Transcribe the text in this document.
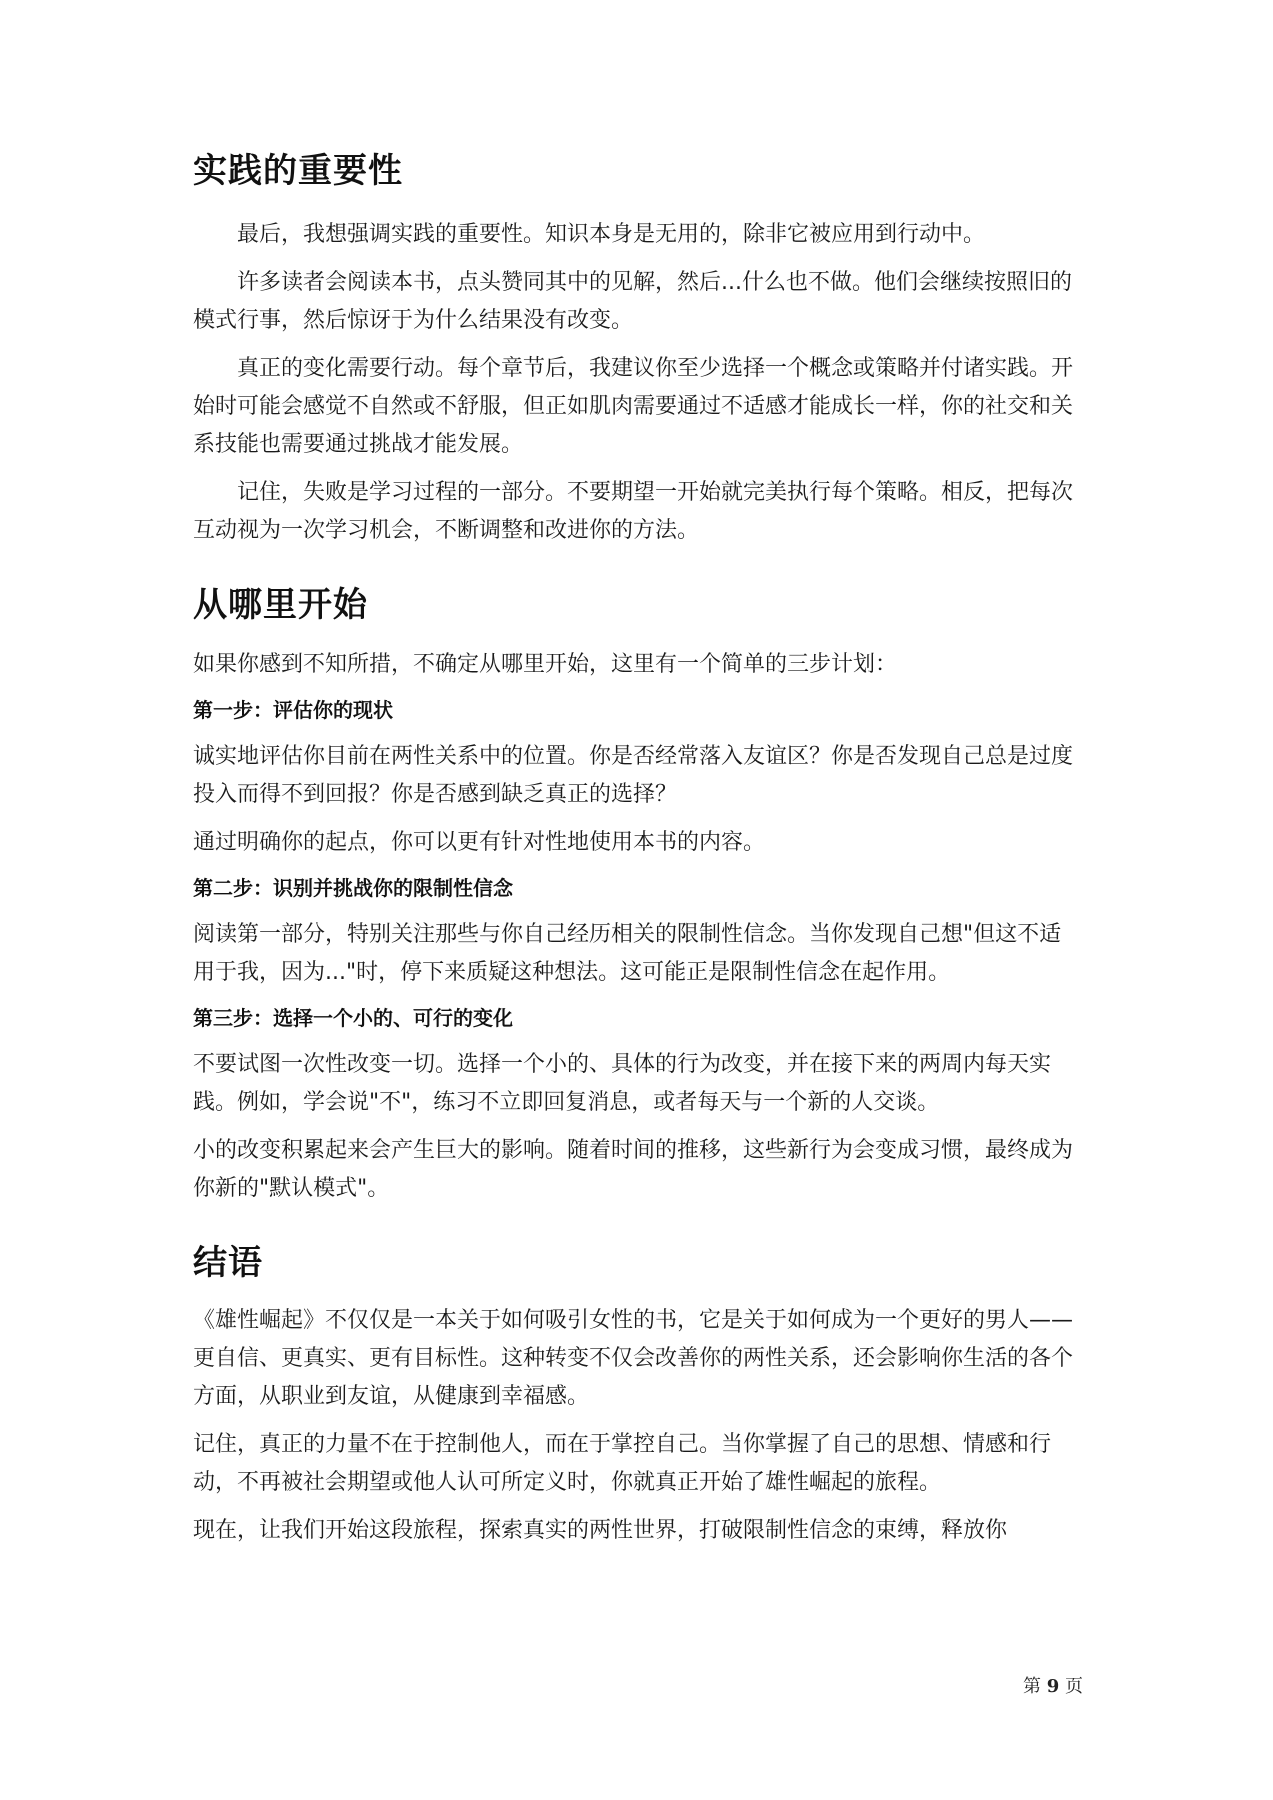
实践的重要性

最后，我想强调实践的重要性。知识本身是无用的，除非它被应用到行动中。

许多读者会阅读本书，点头赞同其中的见解，然后...什么也不做。他们会继续按照旧的模式行事，然后惊讶于为什么结果没有改变。

真正的变化需要行动。每个章节后，我建议你至少选择一个概念或策略并付诸实践。开始时可能会感觉不自然或不舒服，但正如肌肉需要通过不适感才能成长一样，你的社交和关系技能也需要通过挑战才能发展。

记住，失败是学习过程的一部分。不要期望一开始就完美执行每个策略。相反，把每次互动视为一次学习机会，不断调整和改进你的方法。

从哪里开始

如果你感到不知所措，不确定从哪里开始，这里有一个简单的三步计划：

第一步：评估你的现状

诚实地评估你目前在两性关系中的位置。你是否经常落入友谊区？你是否发现自己总是过度投入而得不到回报？你是否感到缺乏真正的选择？

通过明确你的起点，你可以更有针对性地使用本书的内容。

第二步：识别并挑战你的限制性信念

阅读第一部分，特别关注那些与你自己经历相关的限制性信念。当你发现自己想"但这不适用于我，因为..."时，停下来质疑这种想法。这可能正是限制性信念在起作用。

第三步：选择一个小的、可行的变化

不要试图一次性改变一切。选择一个小的、具体的行为改变，并在接下来的两周内每天实践。例如，学会说"不"，练习不立即回复消息，或者每天与一个新的人交谈。

小的改变积累起来会产生巨大的影响。随着时间的推移，这些新行为会变成习惯，最终成为你新的"默认模式"。

结语

《雄性崛起》不仅仅是一本关于如何吸引女性的书，它是关于如何成为一个更好的男人——更自信、更真实、更有目标性。这种转变不仅会改善你的两性关系，还会影响你生活的各个方面，从职业到友谊，从健康到幸福感。

记住，真正的力量不在于控制他人，而在于掌控自己。当你掌握了自己的思想、情感和行动，不再被社会期望或他人认可所定义时，你就真正开始了雄性崛起的旅程。

现在，让我们开始这段旅程，探索真实的两性世界，打破限制性信念的束缚，释放你

第 9 页
